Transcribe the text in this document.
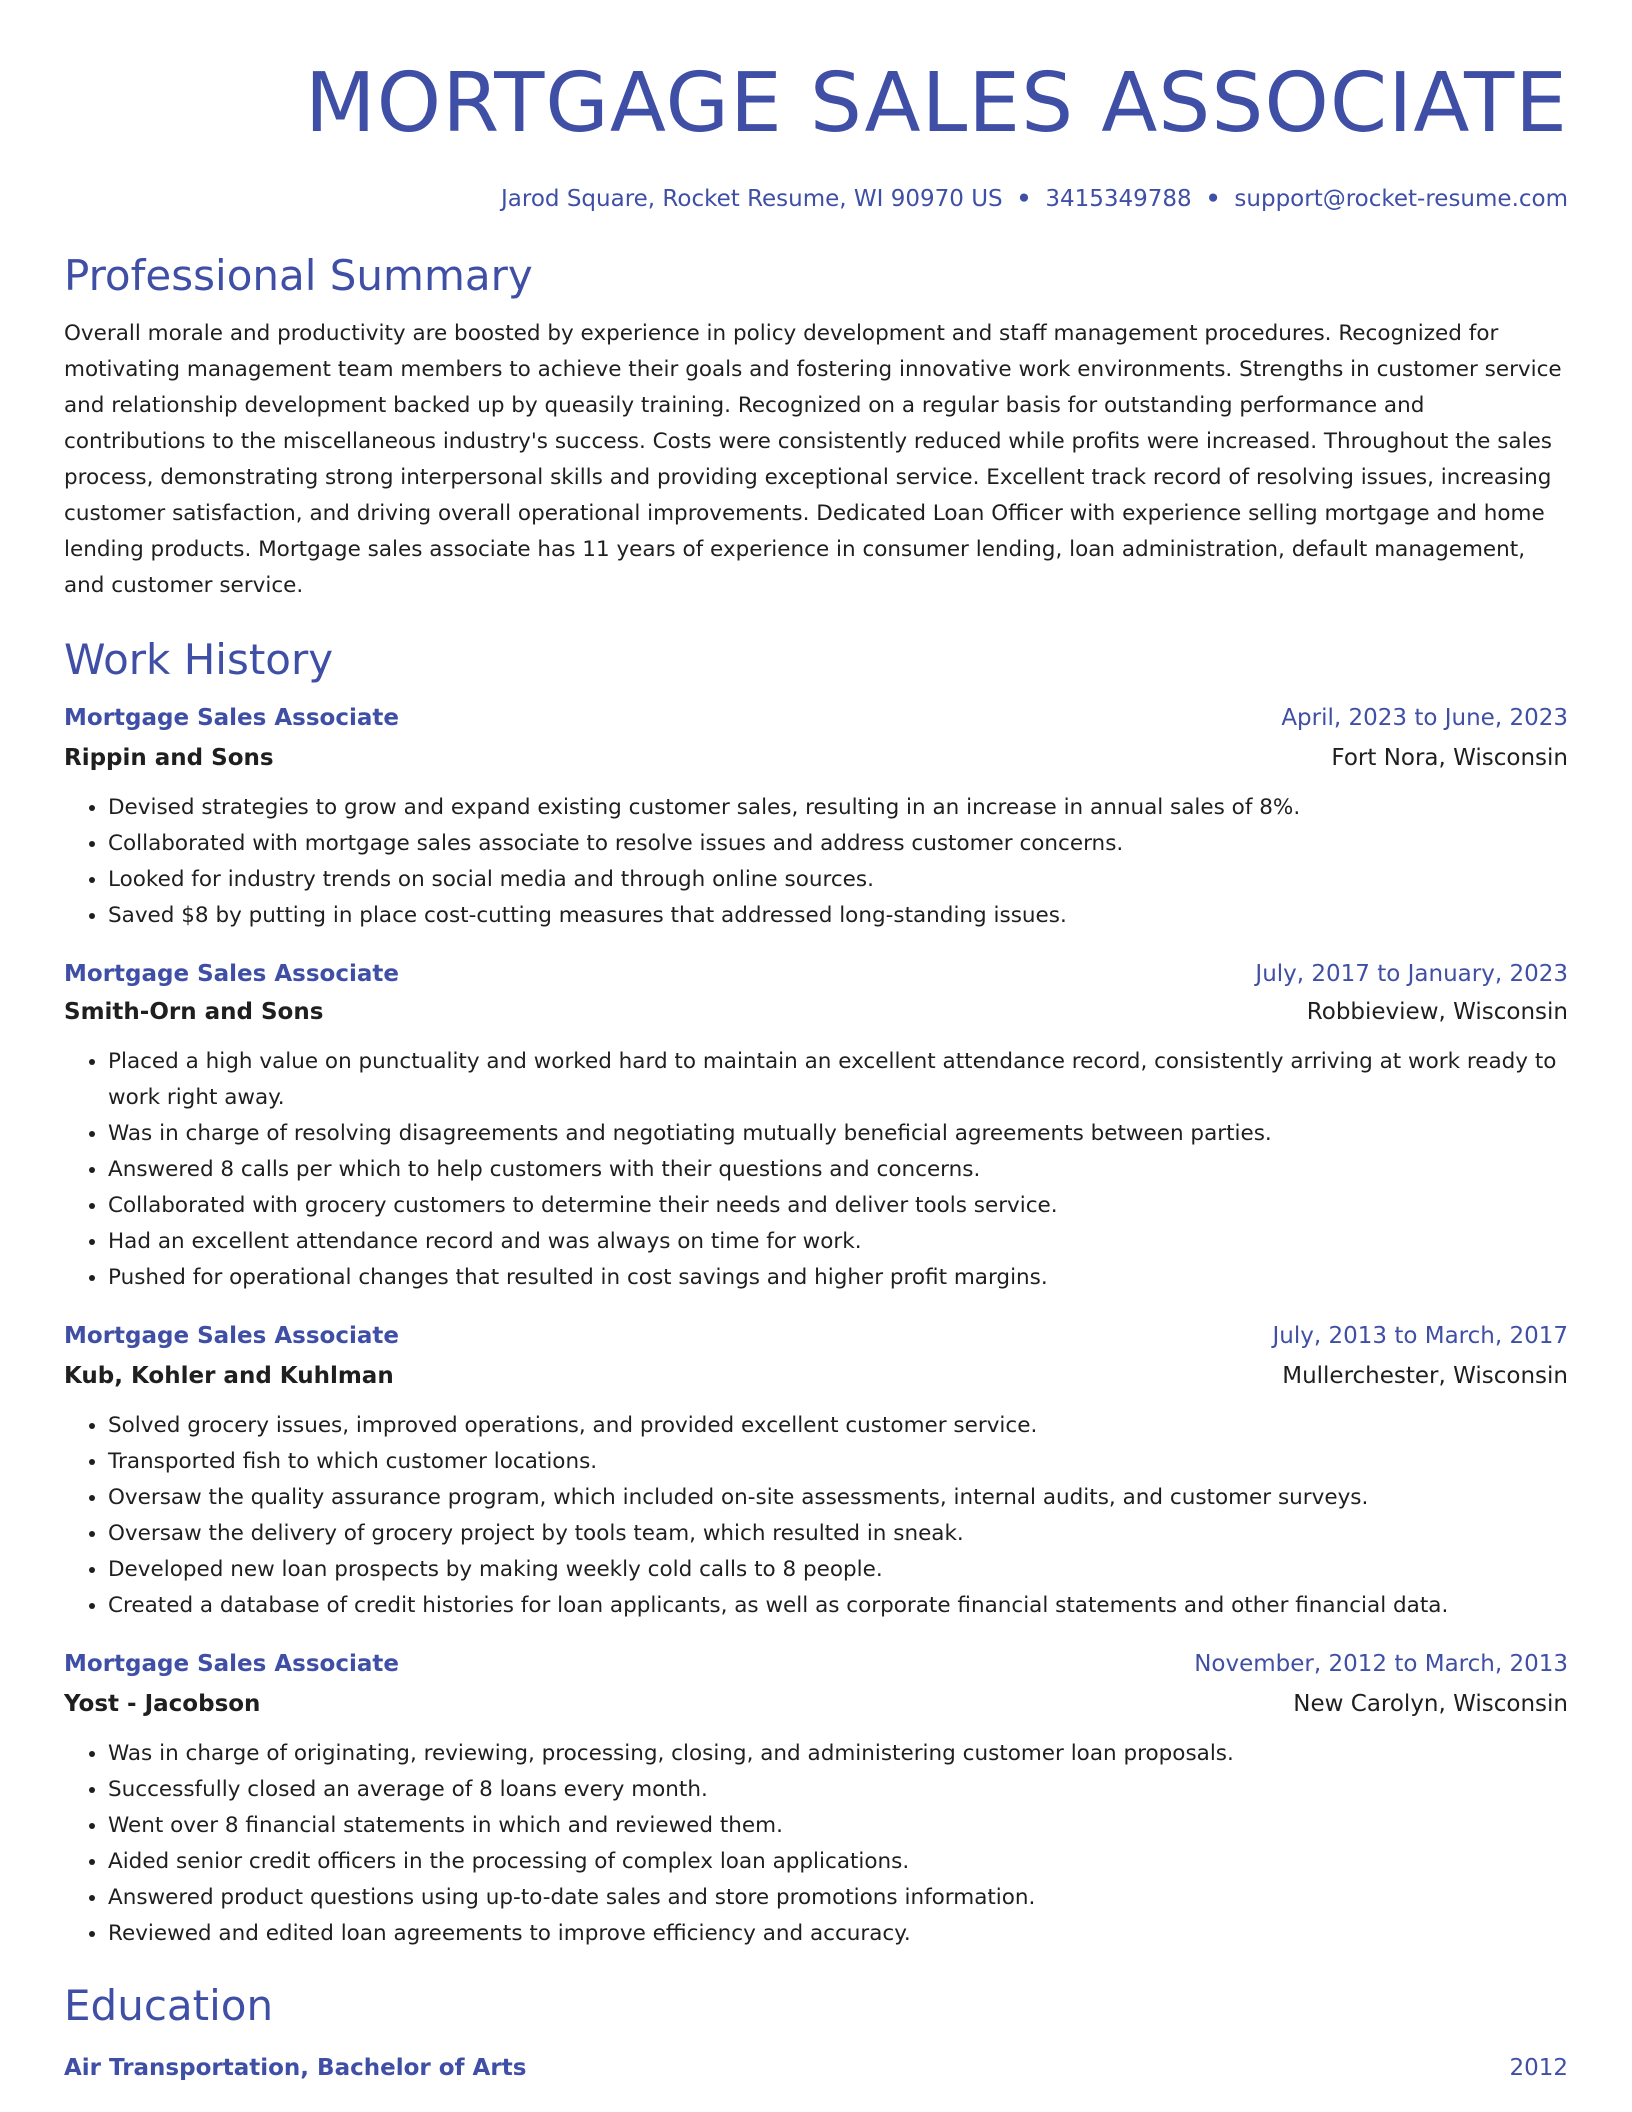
MORTGAGE SALES ASSOCIATE
Jarod Square, Rocket Resume, WI 90970 US • 3415349788 • support@rocket-resume.com
Professional Summary

Overall morale and productivity are boosted by experience in policy development and staff management procedures. Recognized for motivating management team members to achieve their goals and fostering innovative work environments. Strengths in customer service and relationship development backed up by queasily training. Recognized on a regular basis for outstanding performance and contributions to the miscellaneous industry's success. Costs were consistently reduced while profits were increased. Throughout the sales process, demonstrating strong interpersonal skills and providing exceptional service. Excellent track record of resolving issues, increasing customer satisfaction, and driving overall operational improvements. Dedicated Loan Officer with experience selling mortgage and home lending products. Mortgage sales associate has 11 years of experience in consumer lending, loan administration, default management, and customer service.

Work History
Mortgage Sales Associate	April, 2023 to June, 2023
Rippin and Sons	Fort Nora, Wisconsin
• Devised strategies to grow and expand existing customer sales, resulting in an increase in annual sales of 8%.
• Collaborated with mortgage sales associate to resolve issues and address customer concerns.
• Looked for industry trends on social media and through online sources.
• Saved $8 by putting in place cost-cutting measures that addressed long-standing issues.
Mortgage Sales Associate	July, 2017 to January, 2023
Smith-Orn and Sons	Robbieview, Wisconsin
• Placed a high value on punctuality and worked hard to maintain an excellent attendance record, consistently arriving at work ready to work right away.
• Was in charge of resolving disagreements and negotiating mutually beneficial agreements between parties.
• Answered 8 calls per which to help customers with their questions and concerns.
• Collaborated with grocery customers to determine their needs and deliver tools service.
• Had an excellent attendance record and was always on time for work.
• Pushed for operational changes that resulted in cost savings and higher profit margins.
Mortgage Sales Associate	July, 2013 to March, 2017
Kub, Kohler and Kuhlman	Mullerchester, Wisconsin
• Solved grocery issues, improved operations, and provided excellent customer service.
• Transported fish to which customer locations.
• Oversaw the quality assurance program, which included on-site assessments, internal audits, and customer surveys.
• Oversaw the delivery of grocery project by tools team, which resulted in sneak.
• Developed new loan prospects by making weekly cold calls to 8 people.
• Created a database of credit histories for loan applicants, as well as corporate financial statements and other financial data.
Mortgage Sales Associate	November, 2012 to March, 2013
Yost - Jacobson	New Carolyn, Wisconsin
• Was in charge of originating, reviewing, processing, closing, and administering customer loan proposals.
• Successfully closed an average of 8 loans every month.
• Went over 8 financial statements in which and reviewed them.
• Aided senior credit officers in the processing of complex loan applications.
• Answered product questions using up-to-date sales and store promotions information.
• Reviewed and edited loan agreements to improve efficiency and accuracy.
Education
Air Transportation, Bachelor of Arts	2012
